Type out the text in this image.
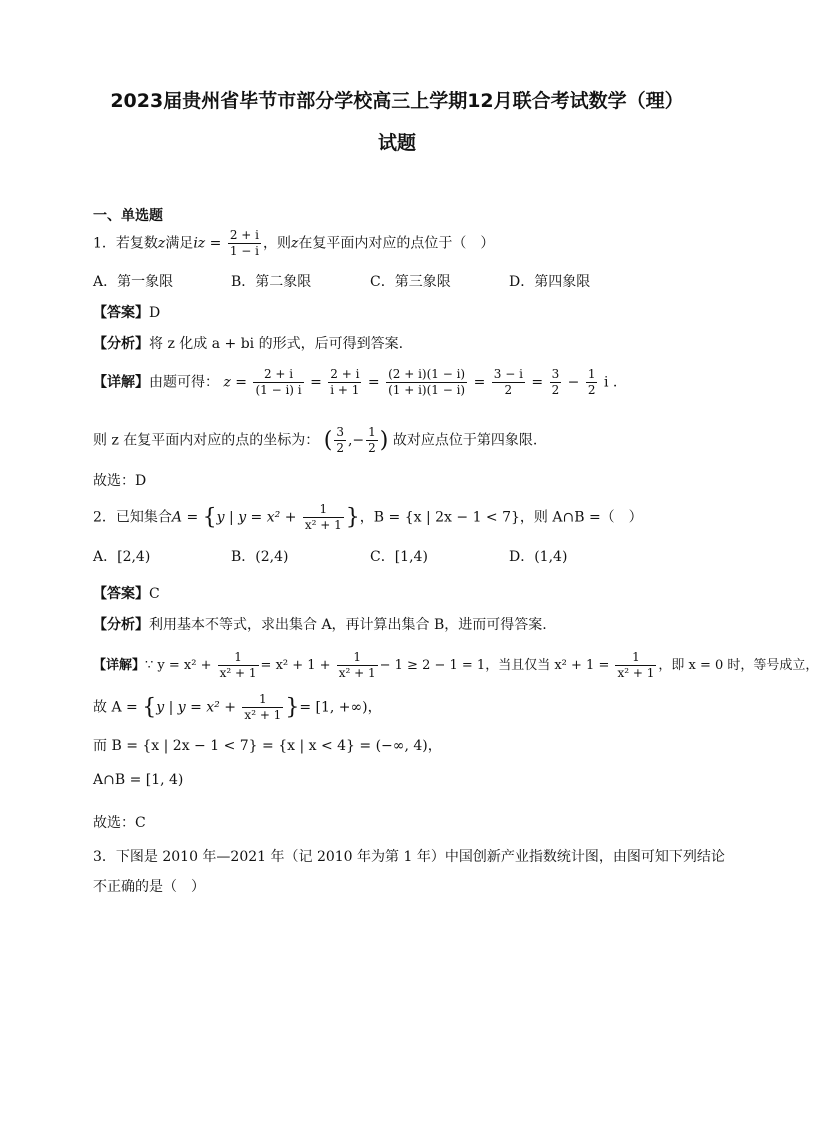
2023届贵州省毕节市部分学校高三上学期12月联合考试数学（理）
试题
一、单选题
1．若复数z满足iz = $\frac{2 + i}{1 - i}$ ，则z在复平面内对应的点位于（　）
A．第一象限	B．第二象限	C．第三象限	D．第四象限
【答案】D
【分析】将 z 化成 a + bi 的形式，后可得到答案.
【详解】由题可得： $z = \frac{2 + i}{(1 - i) i} = \frac{2 + i}{i + 1} = \frac{(2 + i)(1 - i)}{(1 + i)(1 - i)} = \frac{3 - i}{2} = \frac{3}{2} - \frac{1}{2}$ i .
则 z 在复平面内对应的点的坐标为： ( $\frac{3}{2}$ ,− $\frac{1}{2}$ ) 故对应点位于第四象限.
故选：D
2．已知集合A = {y | $y = x^2 + \frac{1}{\text{x² + 1}}$ }，B = {x | 2x − 1 < 7}，则 A∩B =（　）
A．[2,4)	B．(2,4)	C．[1,4)	D．(1,4)
【答案】C
【分析】利用基本不等式，求出集合 A，再计算出集合 B，进而可得答案.
【详解】∵ $y = x^2 + \frac{1}{\text{x² + 1}} = x^2 + 1 + \frac{1}{\text{x² + 1}} - 1 \ge 2 - 1 = 1$，当且仅当 $x^2 + 1 = \frac{1}{\text{x² + 1}}$ ，即 x = 0 时，等号成立，
故 A = {y | $y = x^2 + \frac{1}{\text{x² + 1}}$ }= [1, +∞)，
而 B = {x | 2x − 1 < 7} = {x | x < 4} = (−∞, 4)，
A∩B = [1, 4)
故选：C
3．下图是 2010 年—2021 年（记 2010 年为第 1 年）中国创新产业指数统计图，由图可知下列结论
不正确的是（　）
